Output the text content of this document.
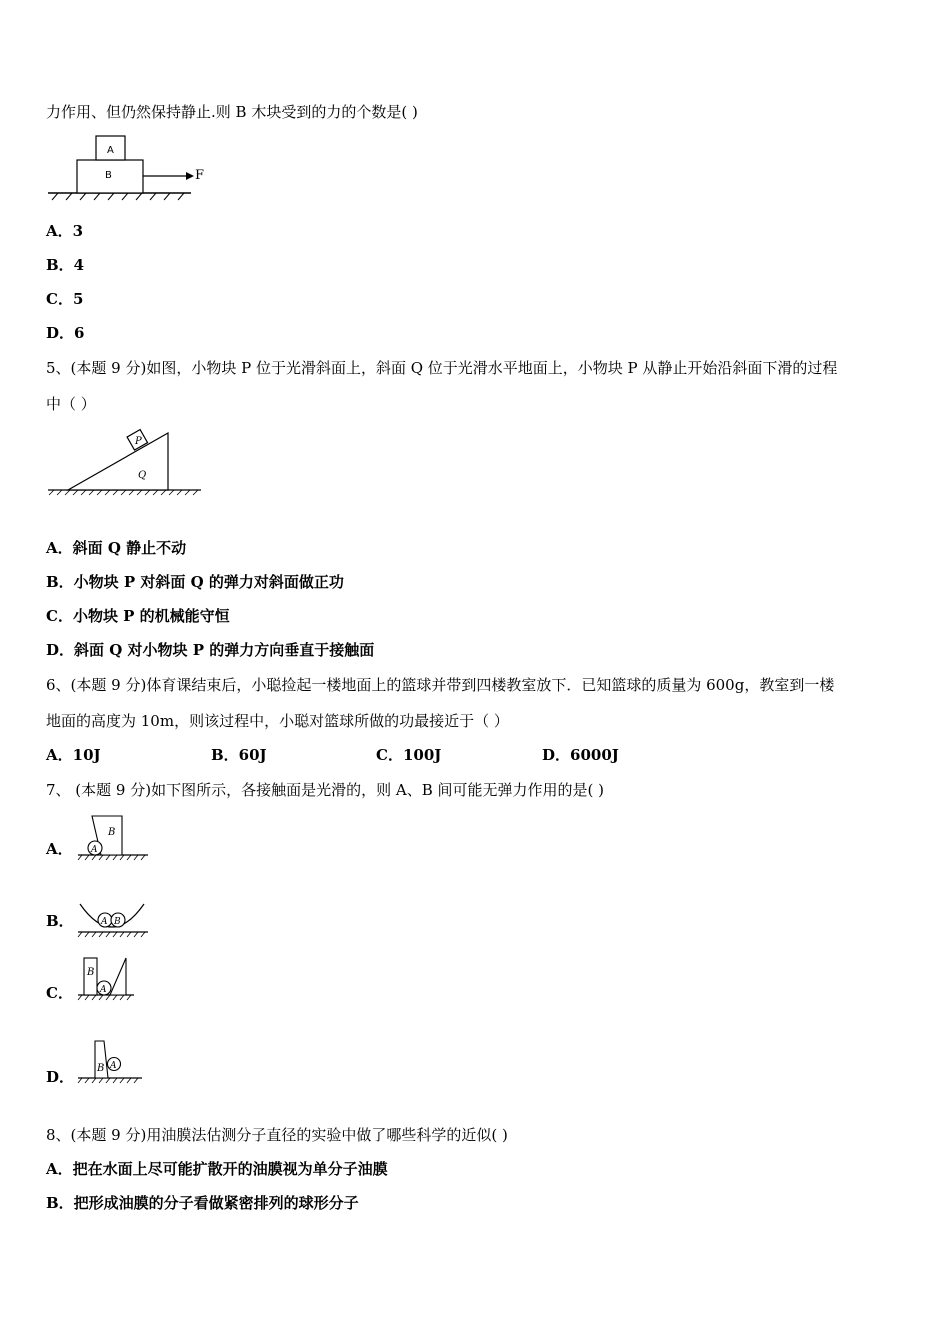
力作用、但仍然保持静止.则 B 木块受到的力的个数是( )
A
B	F
A．3
B．4
C．5
D．6
5、(本题 9 分)如图，小物块 P 位于光滑斜面上，斜面 Q 位于光滑水平地面上，小物块 P 从静止开始沿斜面下滑的过程
中（ ）
P
Q
A．斜面 Q 静止不动
B．小物块 P 对斜面 Q 的弹力对斜面做正功
C．小物块 P 的机械能守恒
D．斜面 Q 对小物块 P 的弹力方向垂直于接触面
6、(本题 9 分)体育课结束后，小聪捡起一楼地面上的篮球并带到四楼教室放下．已知篮球的质量为 600g，教室到一楼
地面的高度为 10m，则该过程中，小聪对篮球所做的功最接近于（ ）
A．10J	B．60J	C．100J	D．6000J
7、 (本题 9 分)如下图所示，各接触面是光滑的，则 A、B 间可能无弹力作用的是( )
A． A
B
B．	A B
C．	A
B
D．
A
B
8、(本题 9 分)用油膜法估测分子直径的实验中做了哪些科学的近似( )
A．把在水面上尽可能扩散开的油膜视为单分子油膜
B．把形成油膜的分子看做紧密排列的球形分子
